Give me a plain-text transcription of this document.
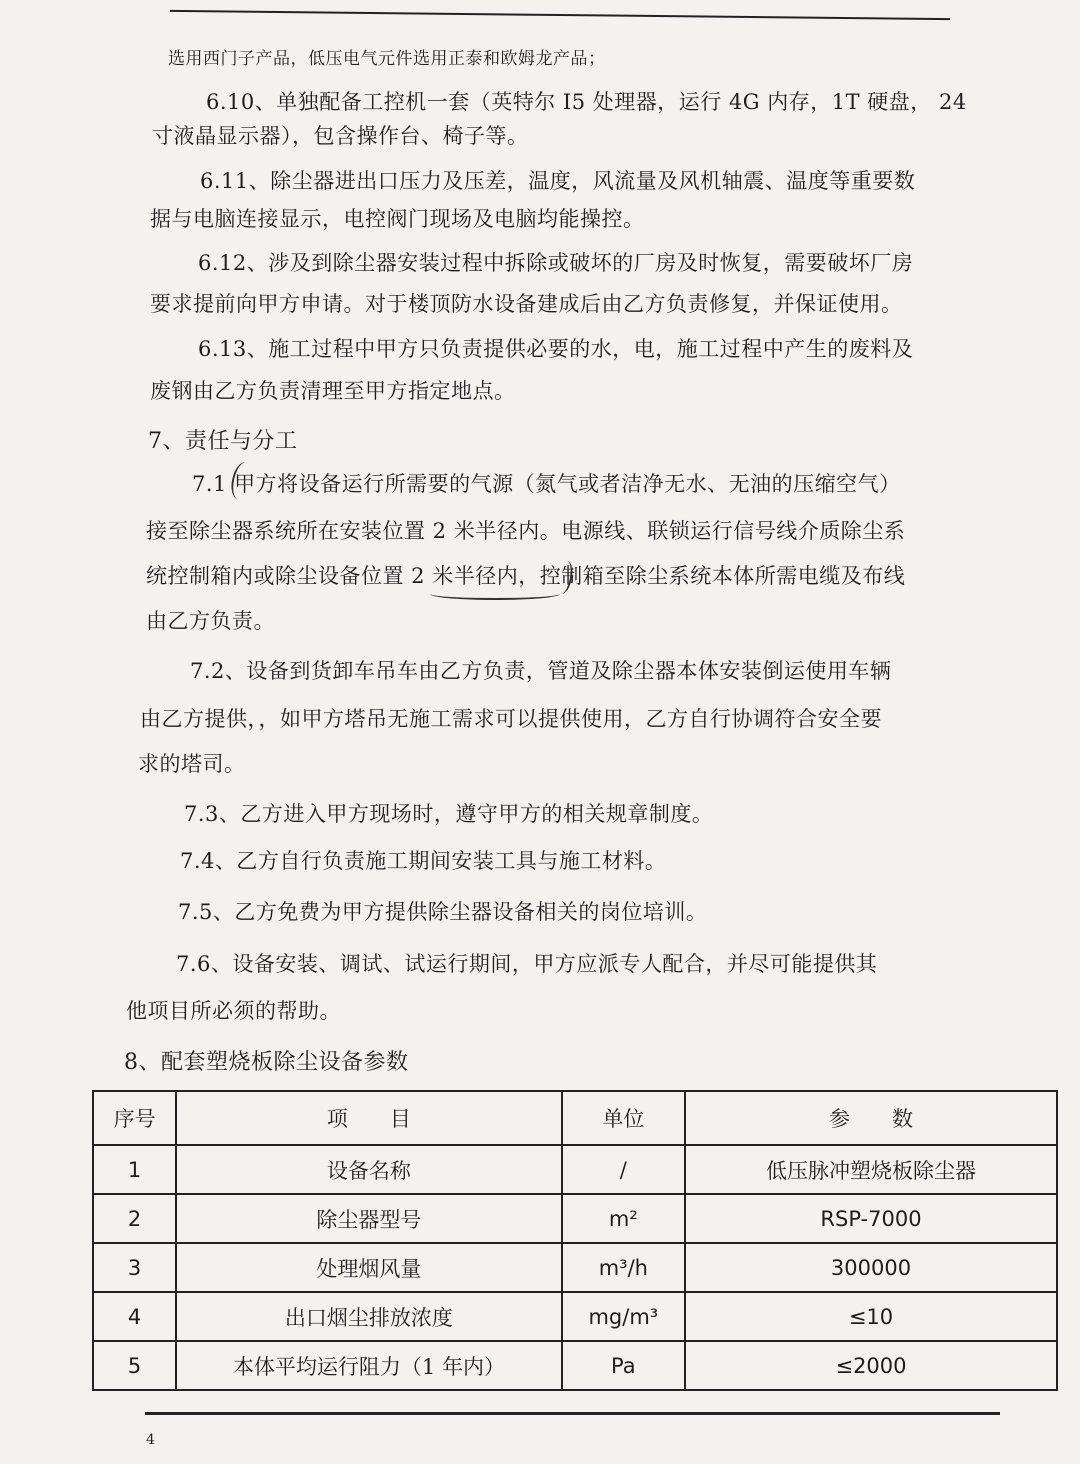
选用西门子产品，低压电气元件选用正泰和欧姆龙产品；
6.10、单独配备工控机一套（英特尔 I5 处理器，运行 4G 内存，1T 硬盘， 24
寸液晶显示器），包含操作台、椅子等。
6.11、除尘器进出口压力及压差，温度，风流量及风机轴震、温度等重要数
据与电脑连接显示，电控阀门现场及电脑均能操控。
6.12、涉及到除尘器安装过程中拆除或破坏的厂房及时恢复，需要破坏厂房
要求提前向甲方申请。对于楼顶防水设备建成后由乙方负责修复，并保证使用。
6.13、施工过程中甲方只负责提供必要的水，电，施工过程中产生的废料及
废钢由乙方负责清理至甲方指定地点。
7、责任与分工
7.1 甲方将设备运行所需要的气源（氮气或者洁净无水、无油的压缩空气）
接至除尘器系统所在安装位置 2 米半径内。电源线、联锁运行信号线介质除尘系
统控制箱内或除尘设备位置 2 米半径内，控制箱至除尘系统本体所需电缆及布线
由乙方负责。
7.2、设备到货卸车吊车由乙方负责，管道及除尘器本体安装倒运使用车辆
由乙方提供，，如甲方塔吊无施工需求可以提供使用，乙方自行协调符合安全要
求的塔司。
7.3、乙方进入甲方现场时，遵守甲方的相关规章制度。
7.4、乙方自行负责施工期间安装工具与施工材料。
7.5、乙方免费为甲方提供除尘器设备相关的岗位培训。
7.6、设备安装、调试、试运行期间，甲方应派专人配合，并尽可能提供其
他项目所必须的帮助。
8、配套塑烧板除尘设备参数
序号	项　　目	单位	参　　数
1	设备名称	/	低压脉冲塑烧板除尘器
2	除尘器型号	m²	RSP-7000
3	处理烟风量	m³/h	300000
4	出口烟尘排放浓度	mg/m³	≤10
5	本体平均运行阻力（1 年内）	Pa	≤2000
4
